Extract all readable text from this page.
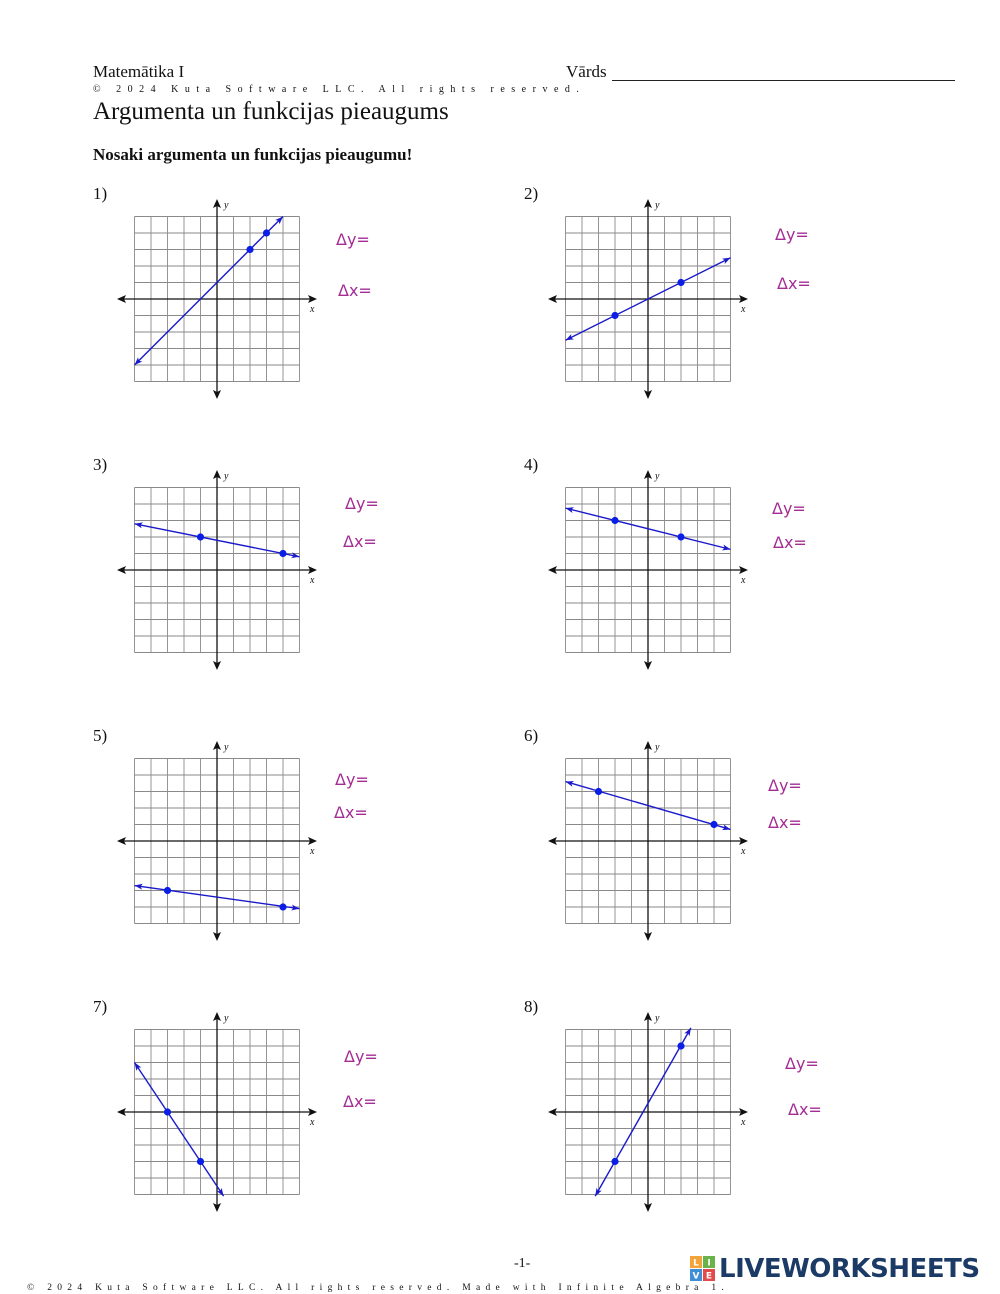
Matemātika I	Vārds
© 2024 Kuta Software LLC. All rights reserved.
Argumenta un funkcijas pieaugums
Nosaki argumenta un funkcijas pieaugumu!
1)
x
y
Δy=
Δx=
2)
x
y
Δy=
Δx=
3)
x
y
Δy=
Δx=
4)
x
y
Δy=
Δx=
5)
x
y
Δy=
Δx=
6)
x
y
Δy=
Δx=
7)
x
y
Δy=
Δx=
8)
x
y
Δy=
Δx=
-1-	L I
V E LIVEWORKSHEETS
© 2024 Kuta Software LLC. All rights reserved. Made with Infinite Algebra 1.
